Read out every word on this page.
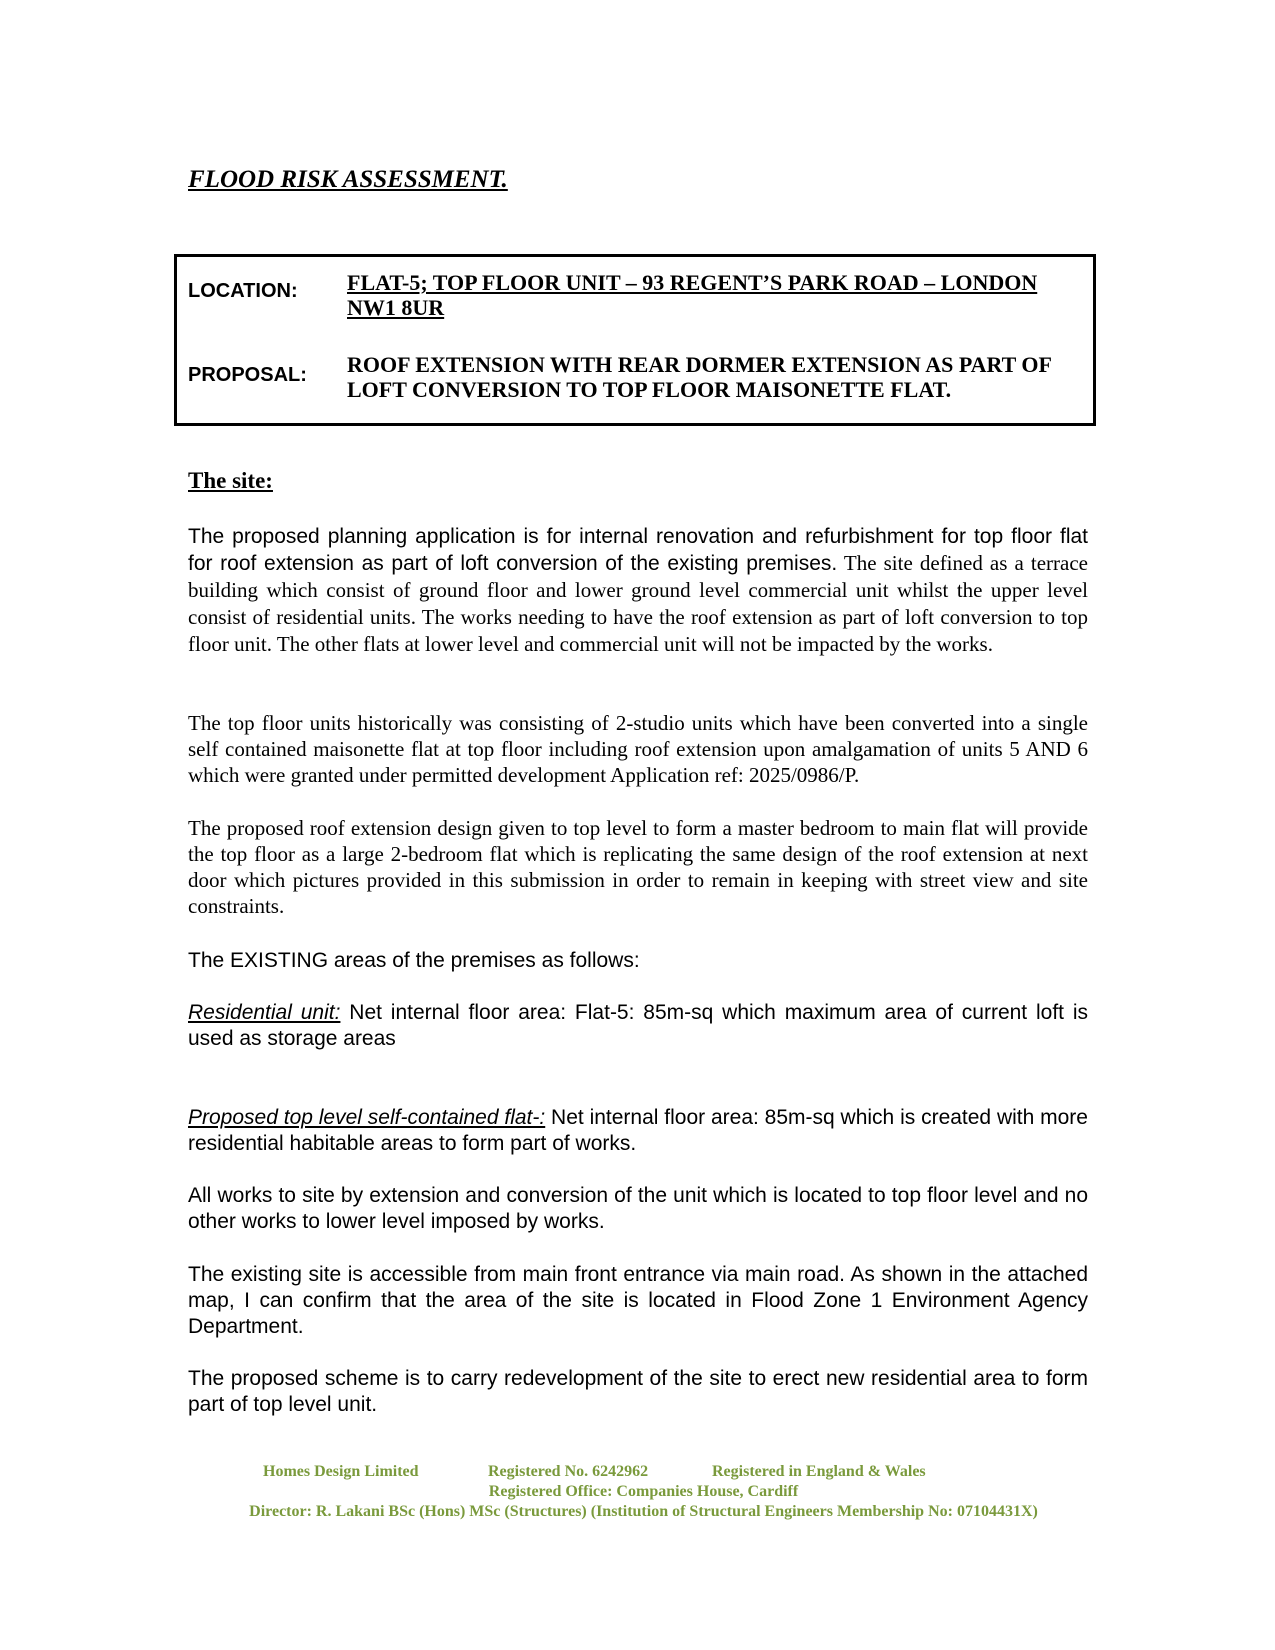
FLOOD RISK ASSESSMENT.
LOCATION: FLAT-5; TOP FLOOR UNIT – 93 REGENT’S PARK ROAD – LONDON NW1 8UR
PROPOSAL: ROOF EXTENSION WITH REAR DORMER EXTENSION AS PART OF LOFT CONVERSION TO TOP FLOOR MAISONETTE FLAT.
The site:

The proposed planning application is for internal renovation and refurbishment for top floor flat for roof extension as part of loft conversion of the existing premises. The site defined as a terrace building which consist of ground floor and lower ground level commercial unit whilst the upper level consist of residential units. The works needing to have the roof extension as part of loft conversion to top floor unit. The other flats at lower level and commercial unit will not be impacted by the works.

The top floor units historically was consisting of 2-studio units which have been converted into a single self contained maisonette flat at top floor including roof extension upon amalgamation of units 5 AND 6 which were granted under permitted development Application ref: 2025/0986/P.

The proposed roof extension design given to top level to form a master bedroom to main flat will provide the top floor as a large 2-bedroom flat which is replicating the same design of the roof extension at next door which pictures provided in this submission in order to remain in keeping with street view and site constraints.

The EXISTING areas of the premises as follows:

Residential unit: Net internal floor area: Flat-5: 85m-sq which maximum area of current loft is used as storage areas

Proposed top level self-contained flat-: Net internal floor area: 85m-sq which is created with more residential habitable areas to form part of works.

All works to site by extension and conversion of the unit which is located to top floor level and no other works to lower level imposed by works.

The existing site is accessible from main front entrance via main road. As shown in the attached map, I can confirm that the area of the site is located in Flood Zone 1 Environment Agency Department.

The proposed scheme is to carry redevelopment of the site to erect new residential area to form part of top level unit.

Homes Design Limited	Registered No. 6242962	Registered in England & Wales
Registered Office: Companies House, Cardiff
Director: R. Lakani BSc (Hons) MSc (Structures) (Institution of Structural Engineers Membership No: 07104431X)
